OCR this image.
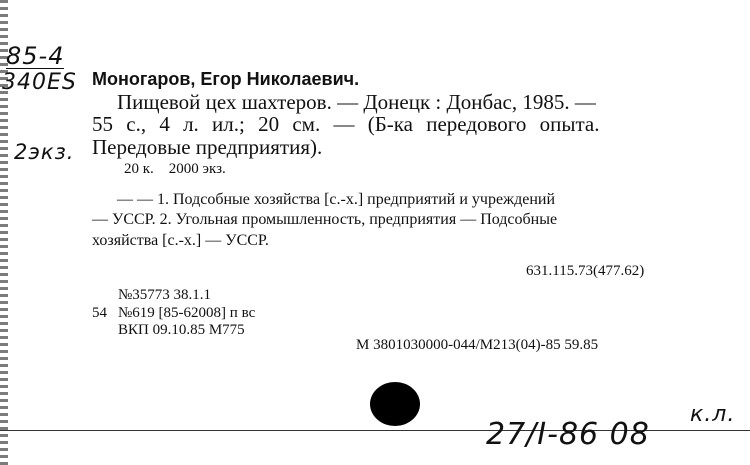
85-4
340ES
2экз.
Моногаров, Егор Николаевич.
Пищевой цех шахтеров. — Донецк : Донбас, 1985. —
55 с., 4 л. ил.; 20 см. — (Б-ка передового опыта.
Передовые предприятия).
20 к.    2000 экз.
— — 1. Подсобные хозяйства [с.-х.] предприятий и учреждений
— УССР. 2. Угольная промышленность, предприятия — Подсобные
хозяйства [с.-х.] — УССР.
631.115.73(477.62)
№35773 38.1.1
54 №619 [85-62008] п вс
ВКП 09.10.85 М775
М 3801030000-044/М213(04)-85 59.85
27/I-86 08
к.л.
